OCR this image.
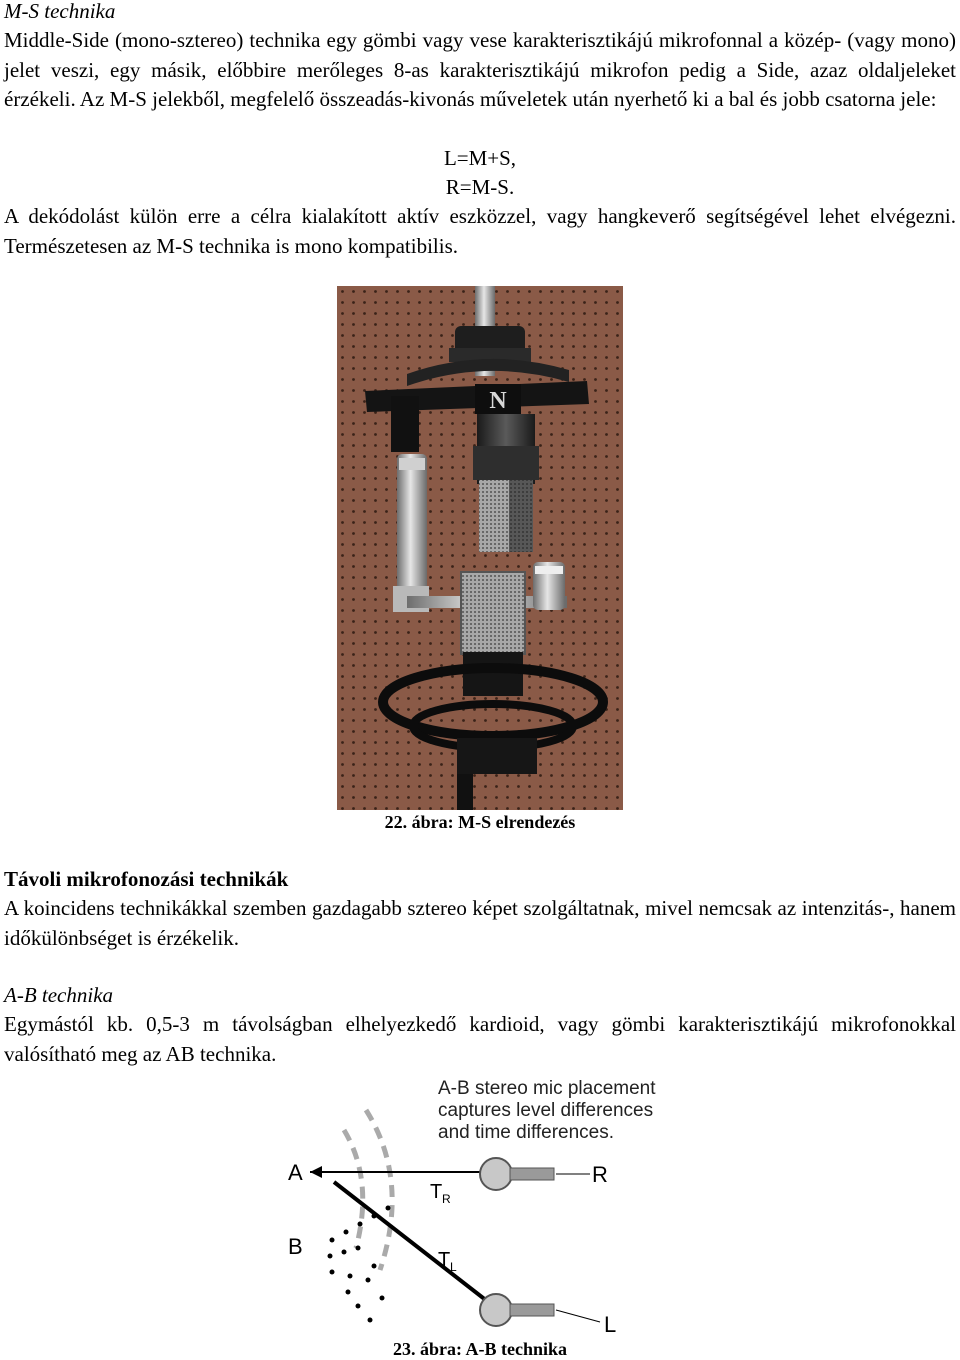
M-S technika

Middle-Side (mono-sztereo) technika egy gömbi vagy vese karakterisztikájú mikrofonnal a közép- (vagy mono) jelet veszi, egy másik, előbbire merőleges 8-as karakterisztikájú mikrofon pedig a Side, azaz oldaljeleket érzékeli. Az M-S jelekből, megfelelő összeadás-kivonás műveletek után nyerhető ki a bal és jobb csatorna jele:

L=M+S,

R=M-S.

A dekódolást külön erre a célra kialakított aktív eszközzel, vagy hangkeverő segítségével lehet elvégezni. Természetesen az M-S technika is mono kompatibilis.

N
22. ábra: M-S elrendezés

Távoli mikrofonozási technikák

A koincidens technikákkal szemben gazdagabb sztereo képet szolgáltatnak, mivel nemcsak az intenzitás-, hanem időkülönbséget is érzékelik.

A-B technika

Egymástól kb. 0,5-3 m távolságban elhelyezkedő kardioid, vagy gömbi karakterisztikájú mikrofonokkal valósítható meg az AB technika.

A-B stereo mic placement
captures level differences
and time differences.
A
B
T R
T L
R
L
23. ábra: A-B technika
